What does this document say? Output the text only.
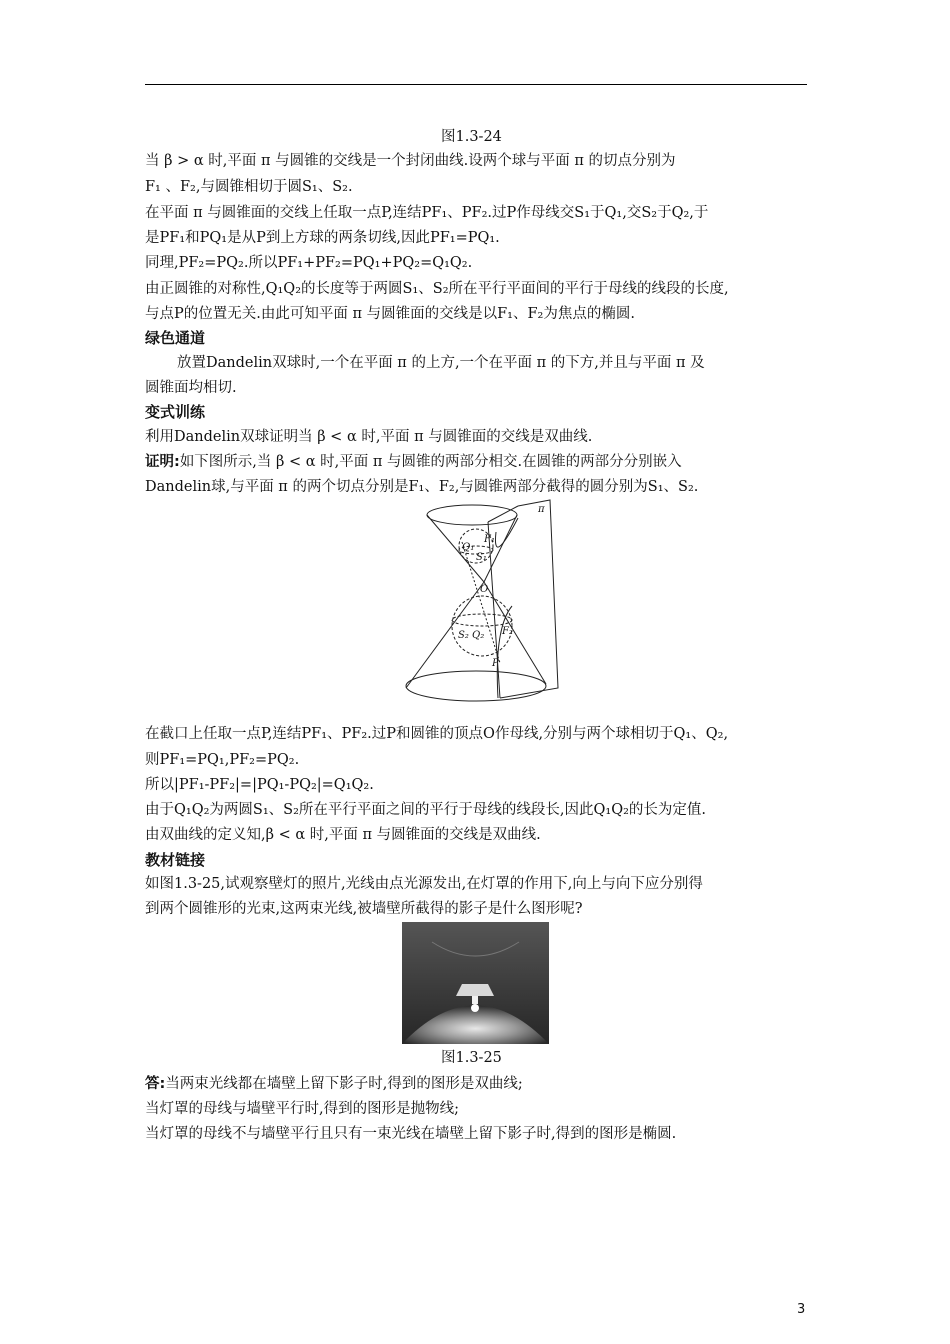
图1.3-24
当 β > α 时,平面 π 与圆锥的交线是一个封闭曲线.设两个球与平面 π 的切点分别为
F₁ 、F₂,与圆锥相切于圆S₁、S₂.
在平面 π 与圆锥面的交线上任取一点P,连结PF₁、PF₂.过P作母线交S₁于Q₁,交S₂于Q₂,于
是PF₁和PQ₁是从P到上方球的两条切线,因此PF₁=PQ₁.
同理,PF₂=PQ₂.所以PF₁+PF₂=PQ₁+PQ₂=Q₁Q₂.
由正圆锥的对称性,Q₁Q₂的长度等于两圆S₁、S₂所在平行平面间的平行于母线的线段的长度,
与点P的位置无关.由此可知平面 π 与圆锥面的交线是以F₁、F₂为焦点的椭圆.
绿色通道
放置Dandelin双球时,一个在平面 π 的上方,一个在平面 π 的下方,并且与平面 π 及
圆锥面均相切.
变式训练
利用Dandelin双球证明当 β < α 时,平面 π 与圆锥面的交线是双曲线.
证明:如下图所示,当 β < α 时,平面 π 与圆锥的两部分相交.在圆锥的两部分分别嵌入
Dandelin球,与平面 π 的两个切点分别是F₁、F₂,与圆锥两部分截得的圆分别为S₁、S₂.
π
Q₁
F₁
S₁
O
S₂ Q₂ F₂
P
在截口上任取一点P,连结PF₁、PF₂.过P和圆锥的顶点O作母线,分别与两个球相切于Q₁、Q₂,
则PF₁=PQ₁,PF₂=PQ₂.
所以|PF₁-PF₂|=|PQ₁-PQ₂|=Q₁Q₂.
由于Q₁Q₂为两圆S₁、S₂所在平行平面之间的平行于母线的线段长,因此Q₁Q₂的长为定值.
由双曲线的定义知,β < α 时,平面 π 与圆锥面的交线是双曲线.
教材链接
如图1.3-25,试观察壁灯的照片,光线由点光源发出,在灯罩的作用下,向上与向下应分别得
到两个圆锥形的光束,这两束光线,被墙壁所截得的影子是什么图形呢?
图1.3-25
答:当两束光线都在墙壁上留下影子时,得到的图形是双曲线;
当灯罩的母线与墙壁平行时,得到的图形是抛物线;
当灯罩的母线不与墙壁平行且只有一束光线在墙壁上留下影子时,得到的图形是椭圆.
3
